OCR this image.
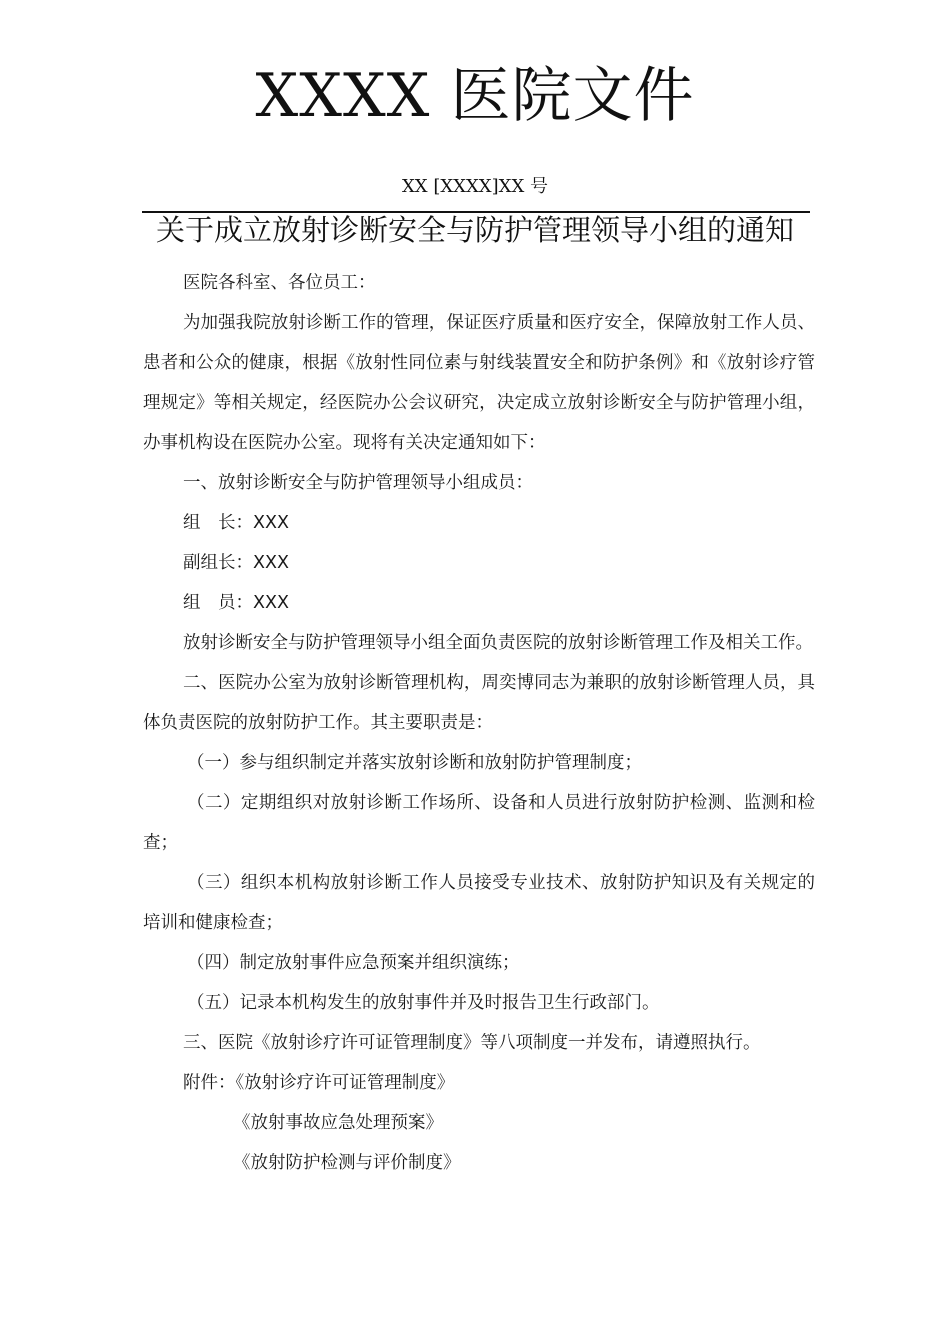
XXXX 医院文件
XX [XXXX]XX 号
关于成立放射诊断安全与防护管理领导小组的通知

医院各科室、各位员工：

为加强我院放射诊断工作的管理，保证医疗质量和医疗安全，保障放射工作人员、患者和公众的健康，根据《放射性同位素与射线装置安全和防护条例》和《放射诊疗管理规定》等相关规定，经医院办公会议研究，决定成立放射诊断安全与防护管理小组，办事机构设在医院办公室。现将有关决定通知如下：

一、放射诊断安全与防护管理领导小组成员：

组　长：XXX

副组长：XXX

组　员：XXX

放射诊断安全与防护管理领导小组全面负责医院的放射诊断管理工作及相关工作。

二、医院办公室为放射诊断管理机构，周奕博同志为兼职的放射诊断管理人员，具体负责医院的放射防护工作。其主要职责是：

（一）参与组织制定并落实放射诊断和放射防护管理制度；

（二）定期组织对放射诊断工作场所、设备和人员进行放射防护检测、监测和检查；

（三）组织本机构放射诊断工作人员接受专业技术、放射防护知识及有关规定的培训和健康检查；

（四）制定放射事件应急预案并组织演练；

（五）记录本机构发生的放射事件并及时报告卫生行政部门。

三、医院《放射诊疗许可证管理制度》等八项制度一并发布，请遵照执行。

附件：《放射诊疗许可证管理制度》

《放射事故应急处理预案》

《放射防护检测与评价制度》
